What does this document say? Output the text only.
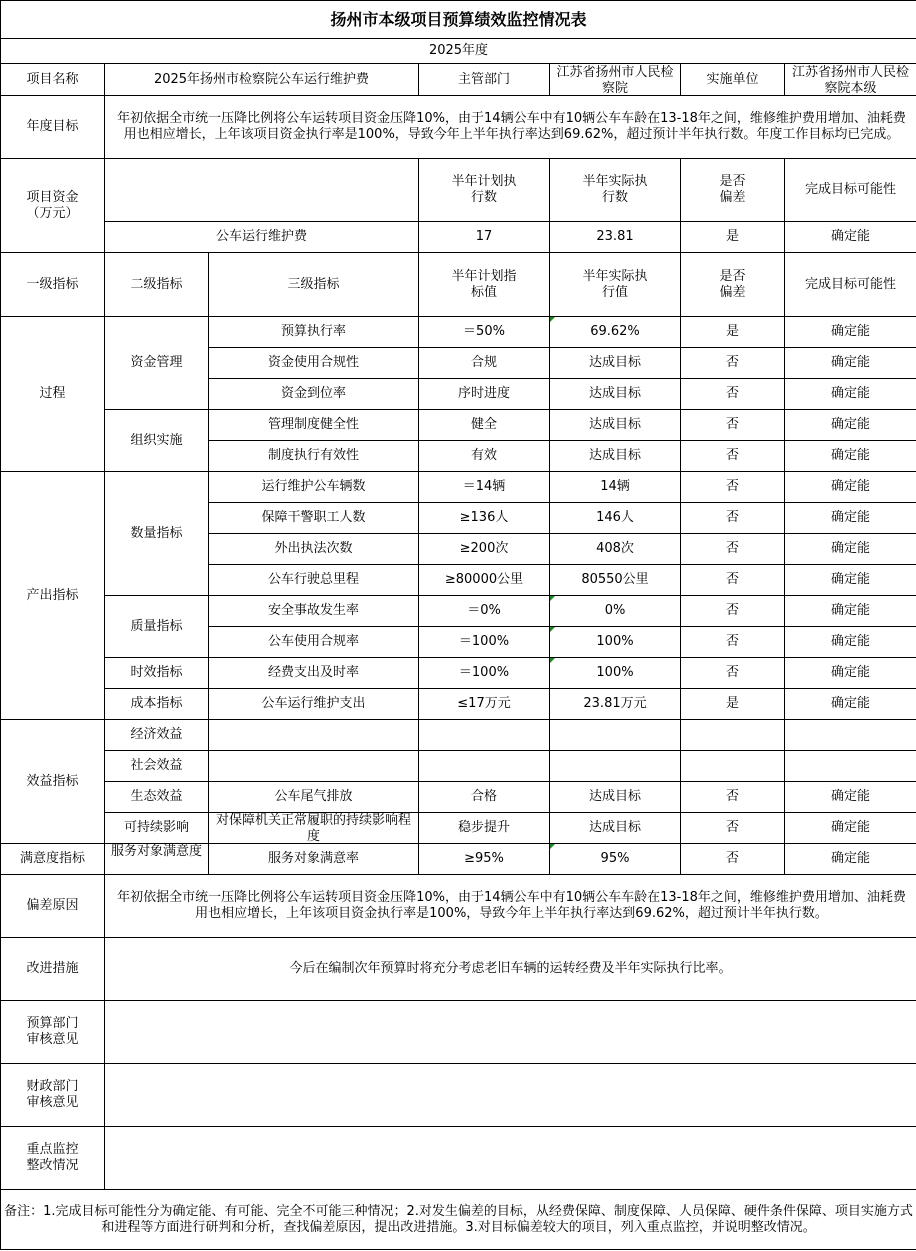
扬州市本级项目预算绩效监控情况表						
2025年度						
项目名称	2025年扬州市检察院公车运行维护费		主管部门	江苏省扬州市人民检察院	实施单位	江苏省扬州市人民检察院本级

年度目标	年初依据全市统一压降比例将公车运转项目资金压降10%，由于14辆公车中有10辆公车车龄在13-18年之间，维修维护费用增加、油耗费用也相应增长，上年该项目资金执行率是100%，导致今年上半年执行率达到69.62%，超过预计半年执行数。年度工作目标均已完成。					
项目资金（万元）			半年计划执行数	半年实际执行数	是否偏差	完成目标可能性
	公车运行维护费		17	23.81	是	确定能
一级指标	二级指标	三级指标	半年计划指标值	半年实际执行值	是否偏差	完成目标可能性
过程	资金管理	预算执行率	＝50%	69.62%	是	确定能
		资金使用合规性	合规	达成目标	否	确定能
		资金到位率	序时进度	达成目标	否	确定能
	组织实施	管理制度健全性	健全	达成目标	否	确定能
		制度执行有效性	有效	达成目标	否	确定能
产出指标	数量指标	运行维护公车辆数	＝14辆	14辆	否	确定能
		保障干警职工人数	≥136人	146人	否	确定能
		外出执法次数	≥200次	408次	否	确定能
		公车行驶总里程	≥80000公里	80550公里	否	确定能
	质量指标	安全事故发生率	＝0%	0%	否	确定能
		公车使用合规率	＝100%	100%	否	确定能
	时效指标	经费支出及时率	＝100%	100%	否	确定能
	成本指标	公车运行维护支出	≤17万元	23.81万元	是	确定能
效益指标	经济效益					
	社会效益					
	生态效益	公车尾气排放	合格	达成目标	否	确定能
	可持续影响	对保障机关正常履职的持续影响程度	稳步提升	达成目标	否	确定能
满意度指标	服务对象满意度	服务对象满意率	≥95%	95%	否	确定能
偏差原因	年初依据全市统一压降比例将公车运转项目资金压降10%，由于14辆公车中有10辆公车车龄在13-18年之间，维修维护费用增加、油耗费用也相应增长，上年该项目资金执行率是100%，导致今年上半年执行率达到69.62%，超过预计半年执行数。					
改进措施	今后在编制次年预算时将充分考虑老旧车辆的运转经费及半年实际执行比率。					
预算部门审核意见						
财政部门审核意见						
重点监控整改情况						
备注：1.完成目标可能性分为确定能、有可能、完全不可能三种情况；2.对发生偏差的目标，从经费保障、制度保障、人员保障、硬件条件保障、项目实施方式和进程等方面进行研判和分析，查找偏差原因，提出改进措施。3.对目标偏差较大的项目，列入重点监控，并说明整改情况。						
